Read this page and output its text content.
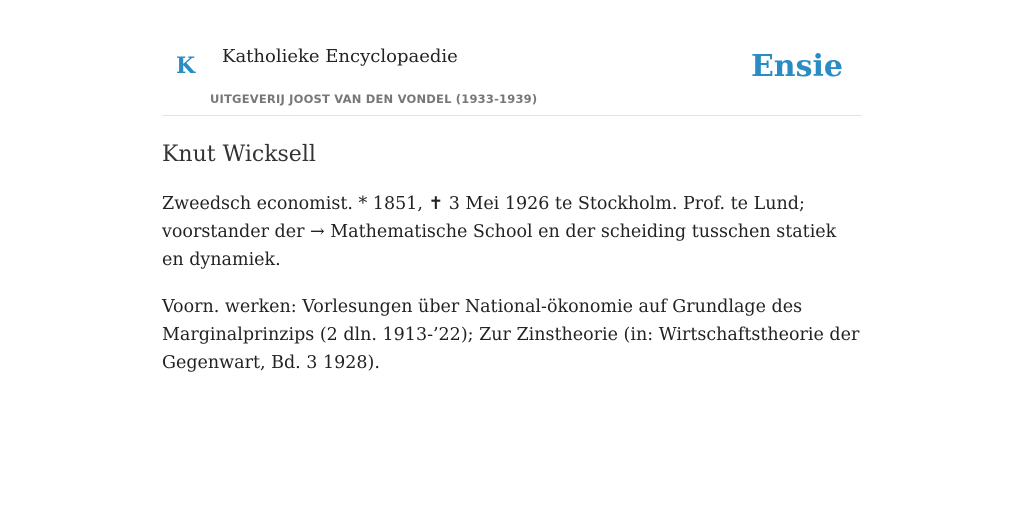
K Katholieke Encyclopaedie
UITGEVERIJ JOOST VAN DEN VONDEL (1933-1939)
Ensie
Knut Wicksell

Zweedsch economist. * 1851, ✝ 3 Mei 1926 te Stockholm. Prof. te Lund; voorstander der → Mathematische School en der scheiding tusschen statiek en dynamiek.

Voorn. werken: Vorlesungen über National-ökonomie auf Grundlage des Marginalprinzips (2 dln. 1913-’22); Zur Zinstheorie (in: Wirtschaftstheorie der Gegenwart, Bd. 3 1928).
